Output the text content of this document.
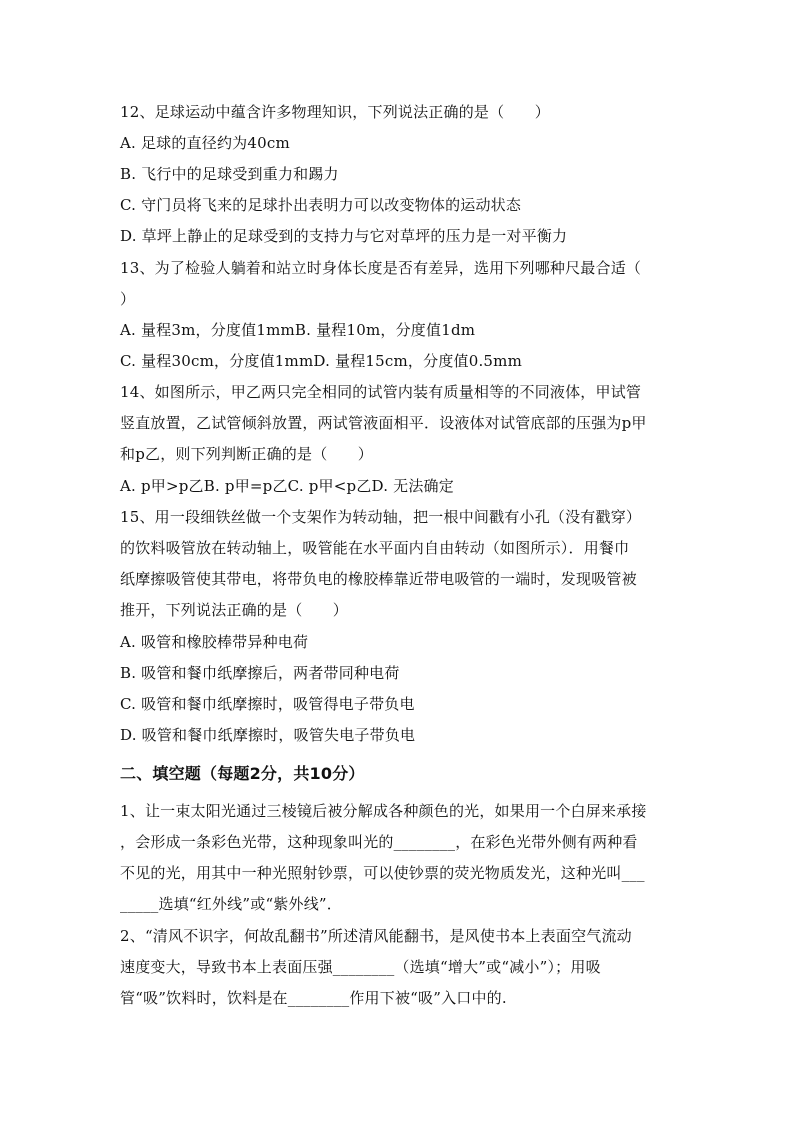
12、足球运动中蕴含许多物理知识，下列说法正确的是（　　）
A. 足球的直径约为40cm
B. 飞行中的足球受到重力和踢力
C. 守门员将飞来的足球扑出表明力可以改变物体的运动状态
D. 草坪上静止的足球受到的支持力与它对草坪的压力是一对平衡力
13、为了检验人躺着和站立时身体长度是否有差异，选用下列哪种尺最合适（
）
A. 量程3m，分度值1mmB. 量程10m，分度值1dm
C. 量程30cm，分度值1mmD. 量程15cm，分度值0.5mm
14、如图所示，甲乙两只完全相同的试管内装有质量相等的不同液体，甲试管
竖直放置，乙试管倾斜放置，两试管液面相平．设液体对试管底部的压强为p甲
和p乙，则下列判断正确的是（　　）
A. p甲>p乙B. p甲=p乙C. p甲<p乙D. 无法确定
15、用一段细铁丝做一个支架作为转动轴，把一根中间戳有小孔（没有戳穿）
的饮料吸管放在转动轴上，吸管能在水平面内自由转动（如图所示）．用餐巾
纸摩擦吸管使其带电，将带负电的橡胶棒靠近带电吸管的一端时，发现吸管被
推开，下列说法正确的是（　　）
A. 吸管和橡胶棒带异种电荷
B. 吸管和餐巾纸摩擦后，两者带同种电荷
C. 吸管和餐巾纸摩擦时，吸管得电子带负电
D. 吸管和餐巾纸摩擦时，吸管失电子带负电
二、填空题（每题2分，共10分）
1、让一束太阳光通过三棱镜后被分解成各种颜色的光，如果用一个白屏来承接
，会形成一条彩色光带，这种现象叫光的________，在彩色光带外侧有两种看
不见的光，用其中一种光照射钞票，可以使钞票的荧光物质发光，这种光叫___
_____选填“红外线”或“紫外线”．
2、“清风不识字，何故乱翻书”所述清风能翻书，是风使书本上表面空气流动
速度变大，导致书本上表面压强________（选填“增大”或“减小”）；用吸
管“吸”饮料时，饮料是在________作用下被“吸”入口中的.
